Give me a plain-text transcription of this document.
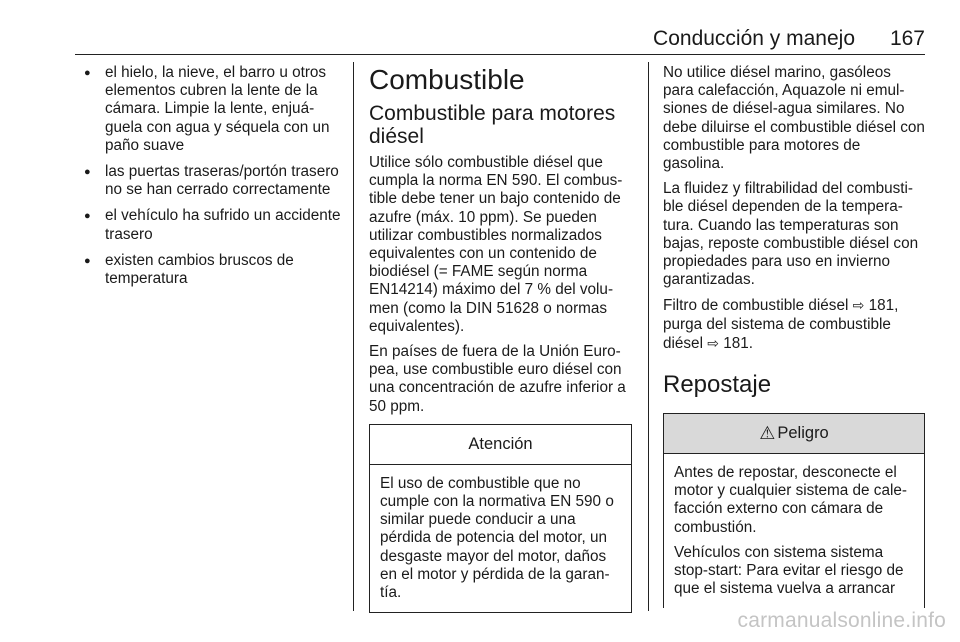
Conducción y manejo 167
● el hielo, la nieve, el barro u otros elementos cubren la lente de la cámara. Limpie la lente, enjuáguela con agua y séquela con un paño suave
● las puertas traseras/portón trasero no se han cerrado correctamente
● el vehículo ha sufrido un accidente trasero
● existen cambios bruscos de temperatura
Combustible
Combustible para motores diésel

Utilice sólo combustible diésel que cumpla la norma EN 590. El combustible debe tener un bajo contenido de azufre (máx. 10 ppm). Se pueden utilizar combustibles normalizados equivalentes con un contenido de biodiésel (= FAME según norma EN14214) máximo del 7 % del volumen (como la DIN 51628 o normas equivalentes).

En países de fuera de la Unión Europea, use combustible euro diésel con una concentración de azufre inferior a 50 ppm.

Atención

El uso de combustible que no cumple con la normativa EN 590 o similar puede conducir a una pérdida de potencia del motor, un desgaste mayor del motor, daños en el motor y pérdida de la garantía.

No utilice diésel marino, gasóleos para calefacción, Aquazole ni emulsiones de diésel-agua similares. No debe diluirse el combustible diésel con combustible para motores de gasolina.

La fluidez y filtrabilidad del combustible diésel dependen de la temperatura. Cuando las temperaturas son bajas, reposte combustible diésel con propiedades para uso en invierno garantizadas.

Filtro de combustible diésel ⇨ 181, purga del sistema de combustible diésel ⇨ 181.

Repostaje
⚠ Peligro

Antes de repostar, desconecte el motor y cualquier sistema de calefacción externo con cámara de combustión.

Vehículos con sistema sistema stop-start: Para evitar el riesgo de que el sistema vuelva a arrancar

carmanualsonline.info
